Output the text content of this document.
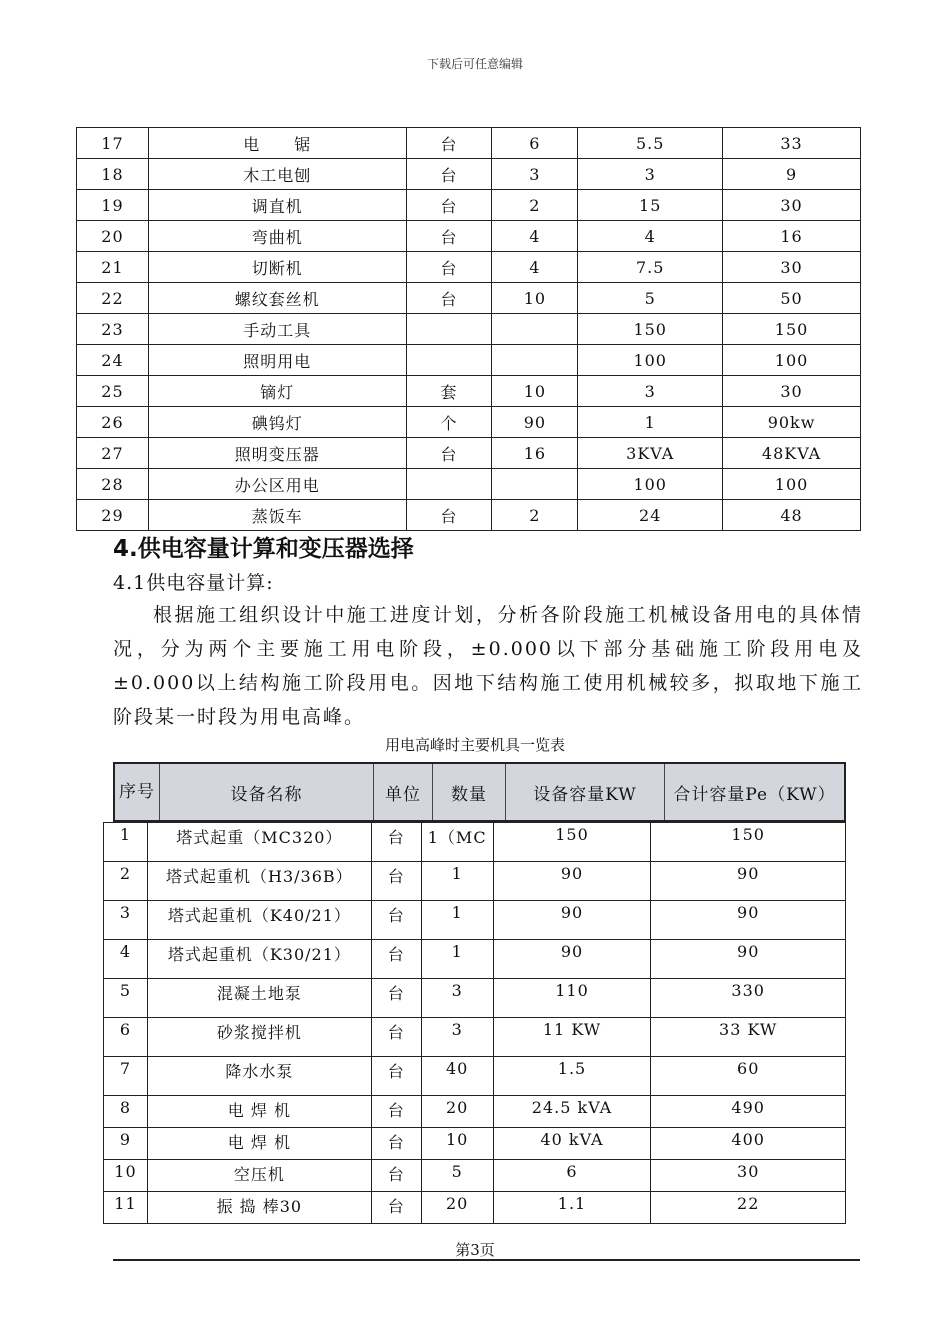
下载后可任意编辑
17	电　　锯	台	6	5.5	33
18	木工电刨	台	3	3	9
19	调直机	台	2	15	30
20	弯曲机	台	4	4	16
21	切断机	台	4	7.5	30
22	螺纹套丝机	台	10	5	50
23	手动工具			150	150
24	照明用电			100	100
25	镝灯	套	10	3	30
26	碘钨灯	个	90	1	90kw
27	照明变压器	台	16	3KVA	48KVA
28	办公区用电			100	100
29	蒸饭车	台	2	24	48
4.供电容量计算和变压器选择
4.1供电容量计算:
根据施工组织设计中施工进度计划，分析各阶段施工机械设备用电的具体情况，分为两个主要施工用电阶段，±0.000以下部分基础施工阶段用电及±0.000以上结构施工阶段用电。因地下结构施工使用机械较多，拟取地下施工阶段某一时段为用电高峰。
用电高峰时主要机具一览表
序号	设备名称	单位	数量	设备容量KW	合计容量Pe（KW）
1	塔式起重（MC320）	台	1（MC	150	150
2	塔式起重机（H3/36B）	台	1	90	90
3	塔式起重机（K40/21）	台	1	90	90
4	塔式起重机（K30/21）	台	1	90	90
5	混凝土地泵	台	3	110	330
6	砂浆搅拌机	台	3	11 KW	33 KW
7	降水水泵	台	40	1.5	60
8	电 焊 机	台	20	24.5 kVA	490
9	电 焊 机	台	10	40 kVA	400
10	空压机	台	5	6	30
11	振 捣 棒30	台	20	1.1	22
第3页
